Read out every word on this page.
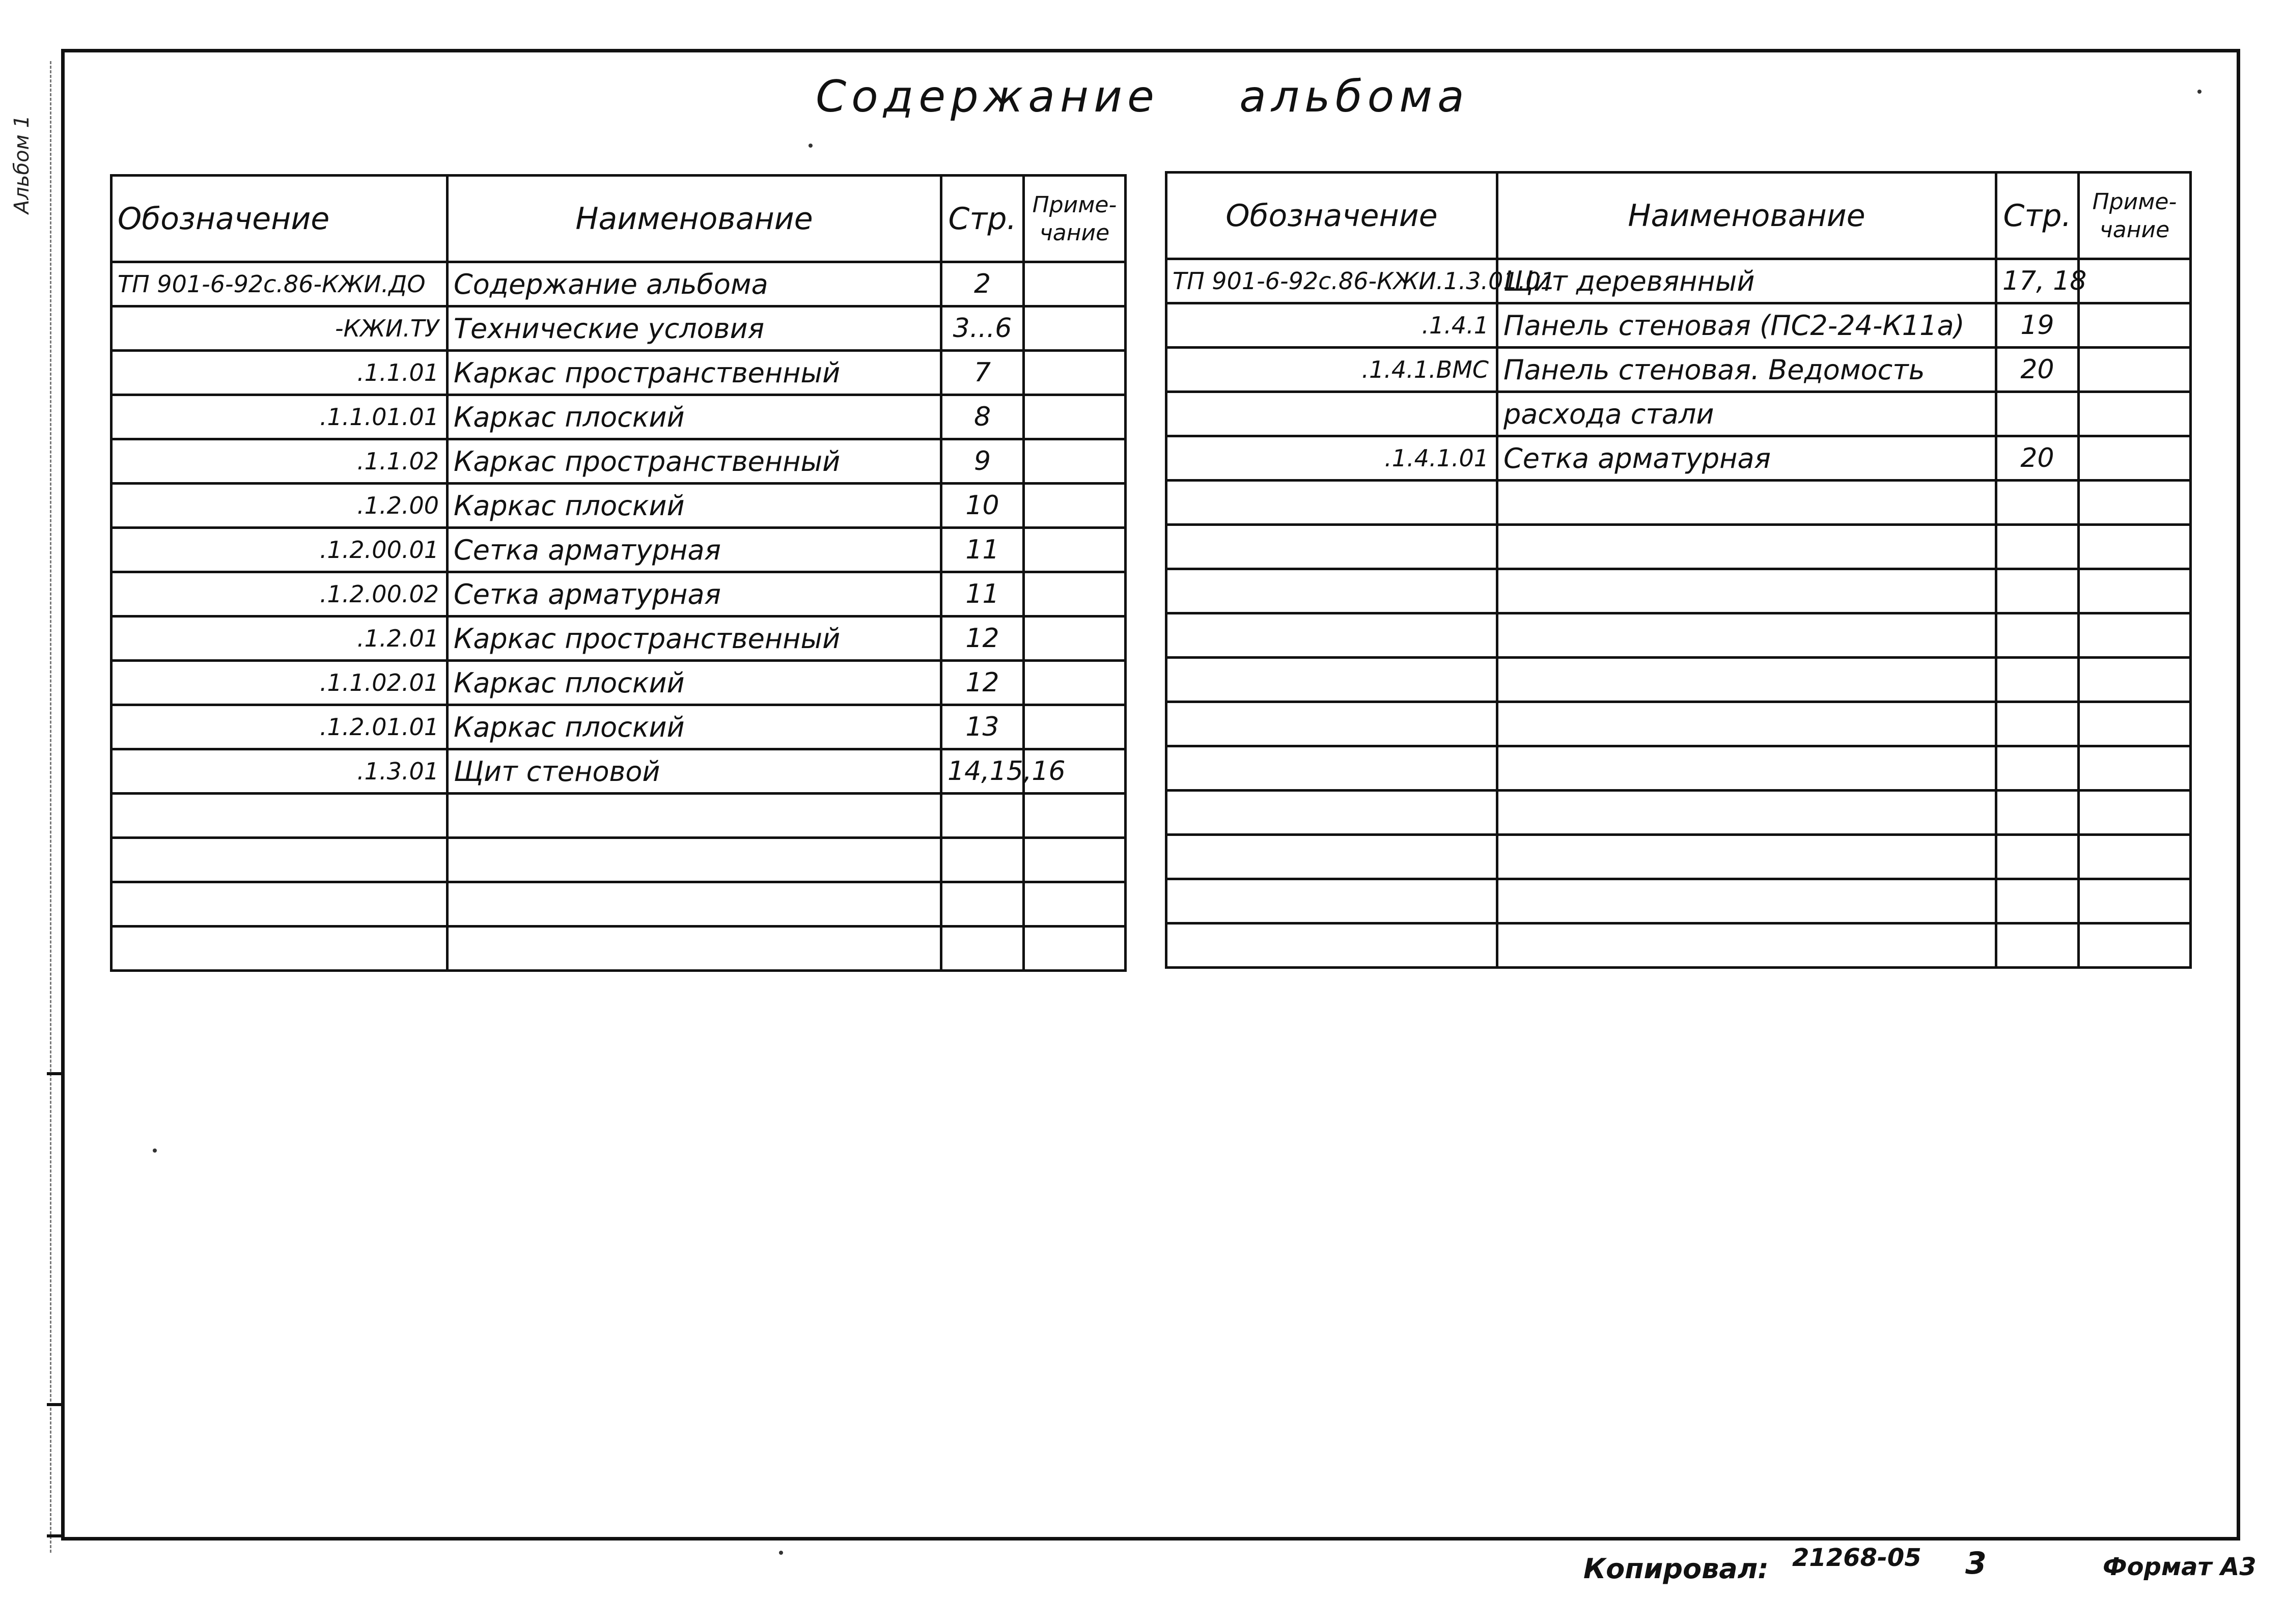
Альбом 1
Содержание альбома
Обозначение	Наименование	Стр.	Приме-чание
ТП 901-6-92с.86-КЖИ.ДО	Содержание альбома	2	
-КЖИ.ТУ	Технические условия	3...6	
.1.1.01	Каркас пространственный	7	
.1.1.01.01	Каркас плоский	8	
.1.1.02	Каркас пространственный	9	
.1.2.00	Каркас плоский	10	
.1.2.00.01	Сетка арматурная	11	
.1.2.00.02	Сетка арматурная	11	
.1.2.01	Каркас пространственный	12	
.1.1.02.01	Каркас плоский	12	
.1.2.01.01	Каркас плоский	13	
.1.3.01	Щит стеновой	14,15,16	

Обозначение	Наименование	Стр.	Приме-чание
ТП 901-6-92с.86-КЖИ.1.3.01.01	Щит деревянный	17, 18	
.1.4.1	Панель стеновая (ПС2-24-К11а)	19	
.1.4.1.ВМС	Панель стеновая. Ведомость	20	
	расхода стали		
.1.4.1.01	Сетка арматурная	20	

Копировал: 21268-05 3	Формат А3
